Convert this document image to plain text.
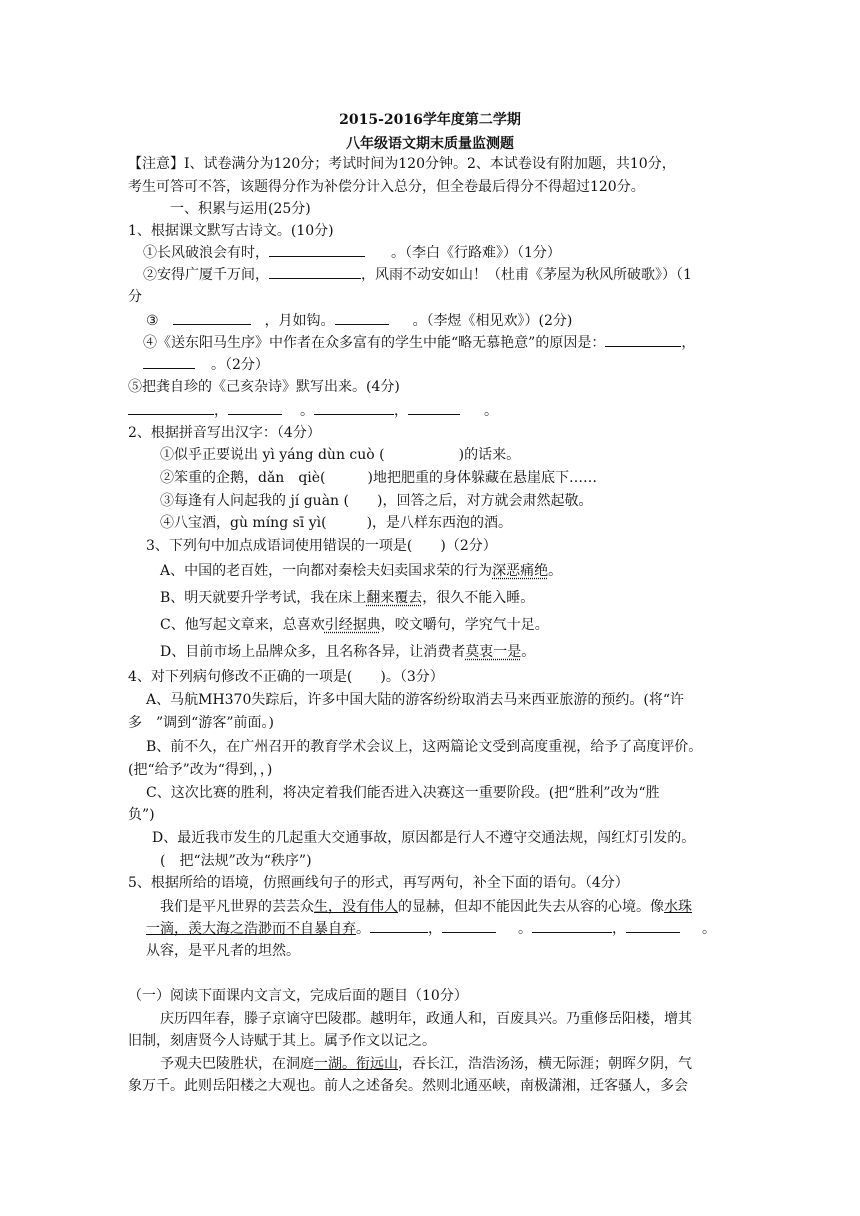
2015-2016学年度第二学期
八年级语文期末质量监测题
【注意】I、试卷满分为120分；考试时间为120分钟。2、本试卷设有附加题，共10分，
考生可答可不答，该题得分作为补偿分计入总分，但全卷最后得分不得超过120分。
一、积累与运用(25分)
1、根据课文默写古诗文。(10分)
①长风破浪会有时，	。（李白《行路难》）（1分）
②安得广厦千万间，	，风雨不动安如山！（杜甫《茅屋为秋风所破歌》）（1
分
③	，月如钩。	。（李煜《相见欢》）(2分)
④《送东阳马生序》中作者在众多富有的学生中能“略无慕艳意”的原因是：	，
。（2分）
⑤把龚自珍的《己亥杂诗》默写出来。(4分)
，	。	，	。
2、根据拼音写出汉字：（4分）
①似乎正要说出 yì yáng dùn cuò (	)的话来。
②笨重的企鹅，dǎn　qiè(	)地把肥重的身体躲藏在悬崖底下……
③每逢有人问起我的 jí guàn ( )，回答之后，对方就会肃然起敬。
④八宝酒，gù míng sī yì(	)，是八样东西泡的酒。
3、下列句中加点成语词使用错误的一项是(　　)（2分）
A、中国的老百姓，一向都对秦桧夫妇卖国求荣的行为深恶痛绝。
B、明天就要升学考试，我在床上翻来覆去，很久不能入睡。
C、他写起文章来，总喜欢引经据典，咬文嚼句，学究气十足。
D、目前市场上品牌众多，且名称各异，让消费者莫衷一是。
4、对下列病句修改不正确的一项是(　　)。（3分）
A、马航MH370失踪后，许多中国大陆的游客纷纷取消去马来西亚旅游的预约。(将“许
多　”调到“游客”前面。)
B、前不久，在广州召开的教育学术会议上，这两篇论文受到高度重视，给予了高度评价。
(把“给予”改为“得到，，)
C、这次比赛的胜利，将决定着我们能否进入决赛这一重要阶段。(把“胜利”改为“胜
负”)
D、最近我市发生的几起重大交通事故，原因都是行人不遵守交通法规，闯红灯引发的。
(　把“法规”改为“秩序”)
5、根据所给的语境，仿照画线句子的形式，再写两句，补全下面的语句。（4分）
我们是平凡世界的芸芸众生，没有伟人的显赫，但却不能因此失去从容的心境。像水珠
一滴，羡大海之浩渺而不自暴自弃。	，	。	，	。
从容，是平凡者的坦然。
（一）阅读下面课内文言文，完成后面的题目（10分）
庆历四年春，滕子京谪守巴陵郡。越明年，政通人和，百废具兴。乃重修岳阳楼，增其
旧制，刻唐贤今人诗赋于其上。属予作文以记之。
予观夫巴陵胜状，在洞庭一湖。衔远山，吞长江，浩浩汤汤，横无际涯；朝晖夕阴，气
象万千。此则岳阳楼之大观也。前人之述备矣。然则北通巫峡，南极潇湘，迁客骚人，多会
